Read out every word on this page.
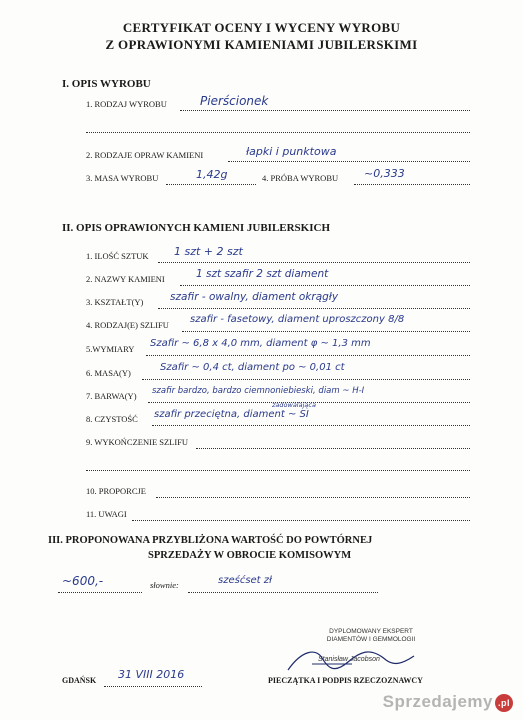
CERTYFIKAT OCENY I WYCENY WYROBU
Z OPRAWIONYMI KAMIENIAMI JUBILERSKIMI
I. OPIS WYROBU
1. RODZAJ WYROBU	Pierścionek
2. RODZAJE OPRAW KAMIENI	łapki i punktowa
3. MASA WYROBU	1,42g	4. PRÓBA WYROBU ~0,333
II. OPIS OPRAWIONYCH KAMIENI JUBILERSKICH
1. ILOŚĆ SZTUK 1 szt + 2 szt
2. NAZWY KAMIENI	1 szt szafir 2 szt diament
3. KSZTAŁT(Y)	szafir - owalny, diament okrągły
4. RODZAJ(E) SZLIFU szafir - fasetowy, diament uproszczony 8/8
5.WYMIARY Szafir ~ 6,8 x 4,0 mm, diament φ ~ 1,3 mm
6. MASA(Y)	Szafir ~ 0,4 ct, diament po ~ 0,01 ct
7. BARWA(Y) szafir bardzo, bardzo ciemnoniebieski, diam ~ H-I
zadowalająca
8. CZYSTOŚĆ szafir przeciętna, diament ~ SI
9. WYKOŃCZENIE SZLIFU
10. PROPORCJE
11. UWAGI
III. PROPONOWANA PRZYBLIŻONA WARTOŚĆ DO POWTÓRNEJ
SPRZEDAŻY W OBROCIE KOMISOWYM
~600,-	słownie:	sześćset zł
DYPLOMOWANY EKSPERT
DIAMENTÓW I GEMMOLOGII
Stanisław Jacobson
GDAŃSK 31 VIII 2016	PIECZĄTKA I PODPIS RZECZOZNAWCY
Sprzedajemy .pl
